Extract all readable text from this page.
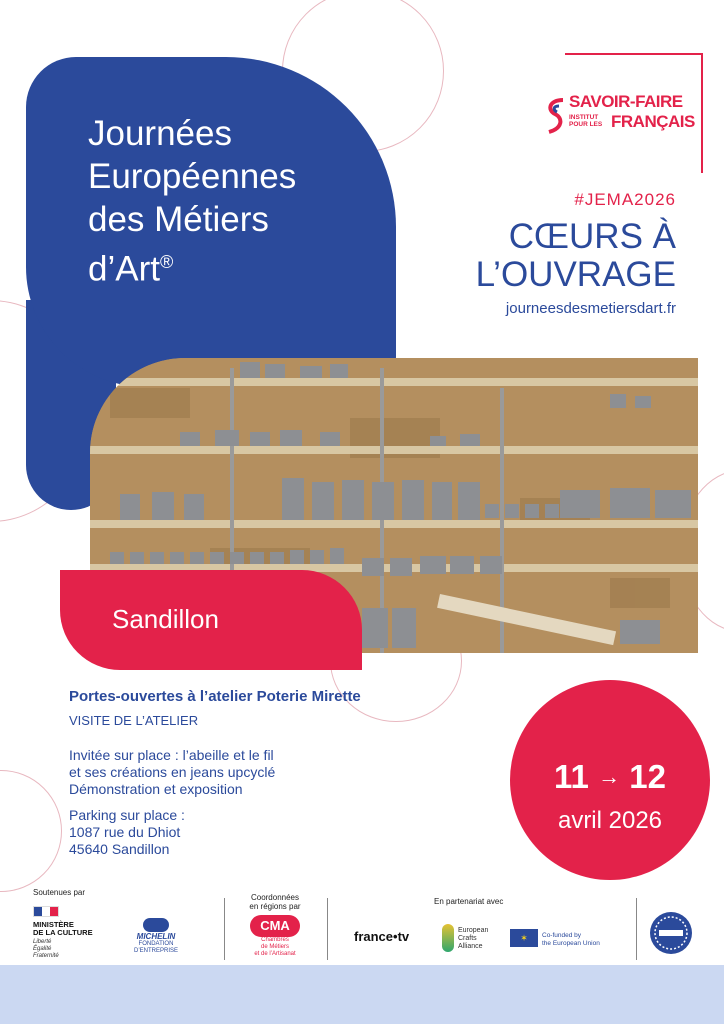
Journées
Européennes
des Métiers
d’Art®
SAVOIR-FAIRE
INSTITUT POUR LES FRANÇAIS
#JEMA2026
CŒURS À
L’OUVRAGE
journeesdesmetiersdart.fr
Sandillon
Portes-ouvertes à l’atelier Poterie Mirette
VISITE DE L’ATELIER
Invitée sur place : l’abeille et le fil
et ses créations en jeans upcyclé
Démonstration et exposition
Parking sur place :
1087 rue du Dhiot
45640 Sandillon
11 → 12
avril 2026
Soutenues par
MINISTÈRE
DE LA CULTURE
Liberté
Égalité
Fraternité
MICHELIN
FONDATION
D’ENTREPRISE
Coordonnées
en régions par
CMA
Chambres
de Métiers
et de l’Artisanat
En partenariat avec
france•tv	European
Crafts
Alliance
✶	Co-funded by
the European Union
